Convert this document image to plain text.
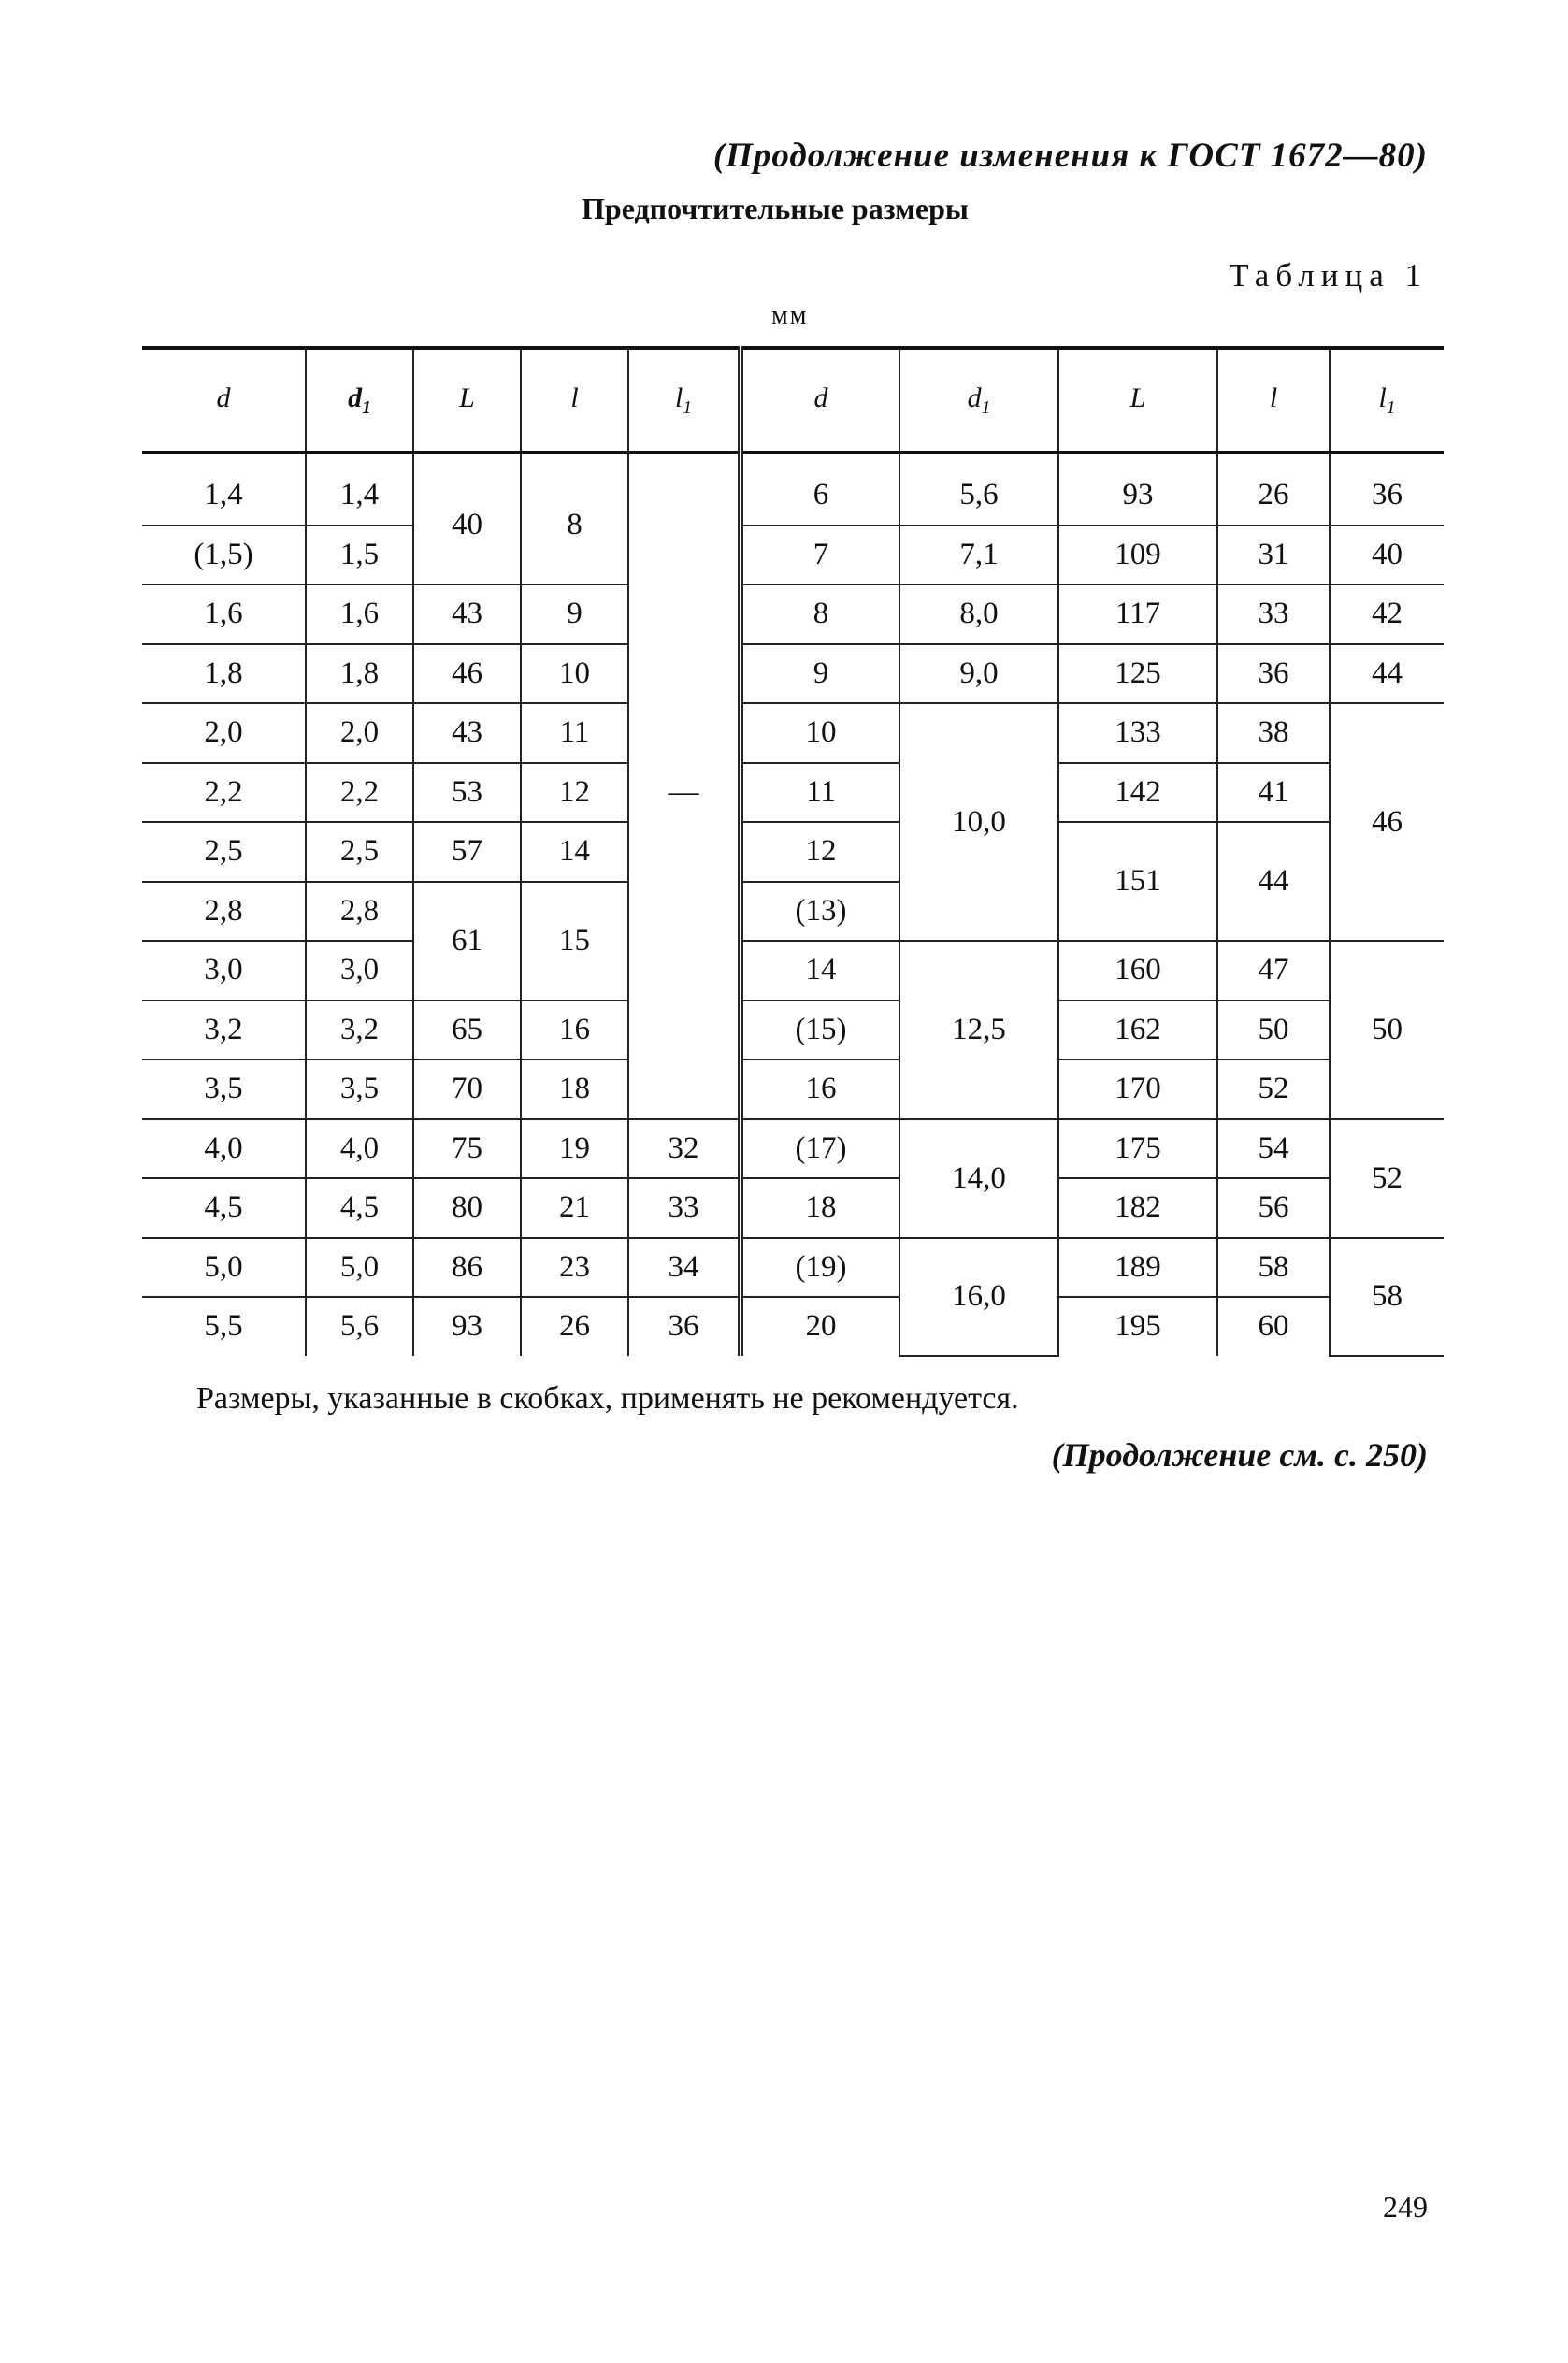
(Продолжение изменения к ГОСТ 1672—80)
Предпочтительные размеры
Таблица 1
мм
d	$d_1$	L	l	$l_1$	d	$d_1$	L	l	$l_1$
1,4	1,4	40	8	—	6	5,6	93	26	36
(1,5)	1,5				7	7,1	109	31	40
1,6	1,6	43	9		8	8,0	117	33	42
1,8	1,8	46	10		9	9,0	125	36	44
2,0	2,0	43	11		10	10,0	133	38	46
2,2	2,2	53	12		11		142	41	
2,5	2,5	57	14		12		151	44	
2,8	2,8	61	15		(13)				
3,0	3,0				14	12,5	160	47	50
3,2	3,2	65	16		(15)		162	50	
3,5	3,5	70	18		16		170	52	
4,0	4,0	75	19	32	(17)	14,0	175	54	52
4,5	4,5	80	21	33	18		182	56	
5,0	5,0	86	23	34	(19)	16,0	189	58	58
5,5	5,6	93	26	36	20		195	60	
Размеры, указанные в скобках, применять не рекомендуется.
(Продолжение см. с. 250)
249
